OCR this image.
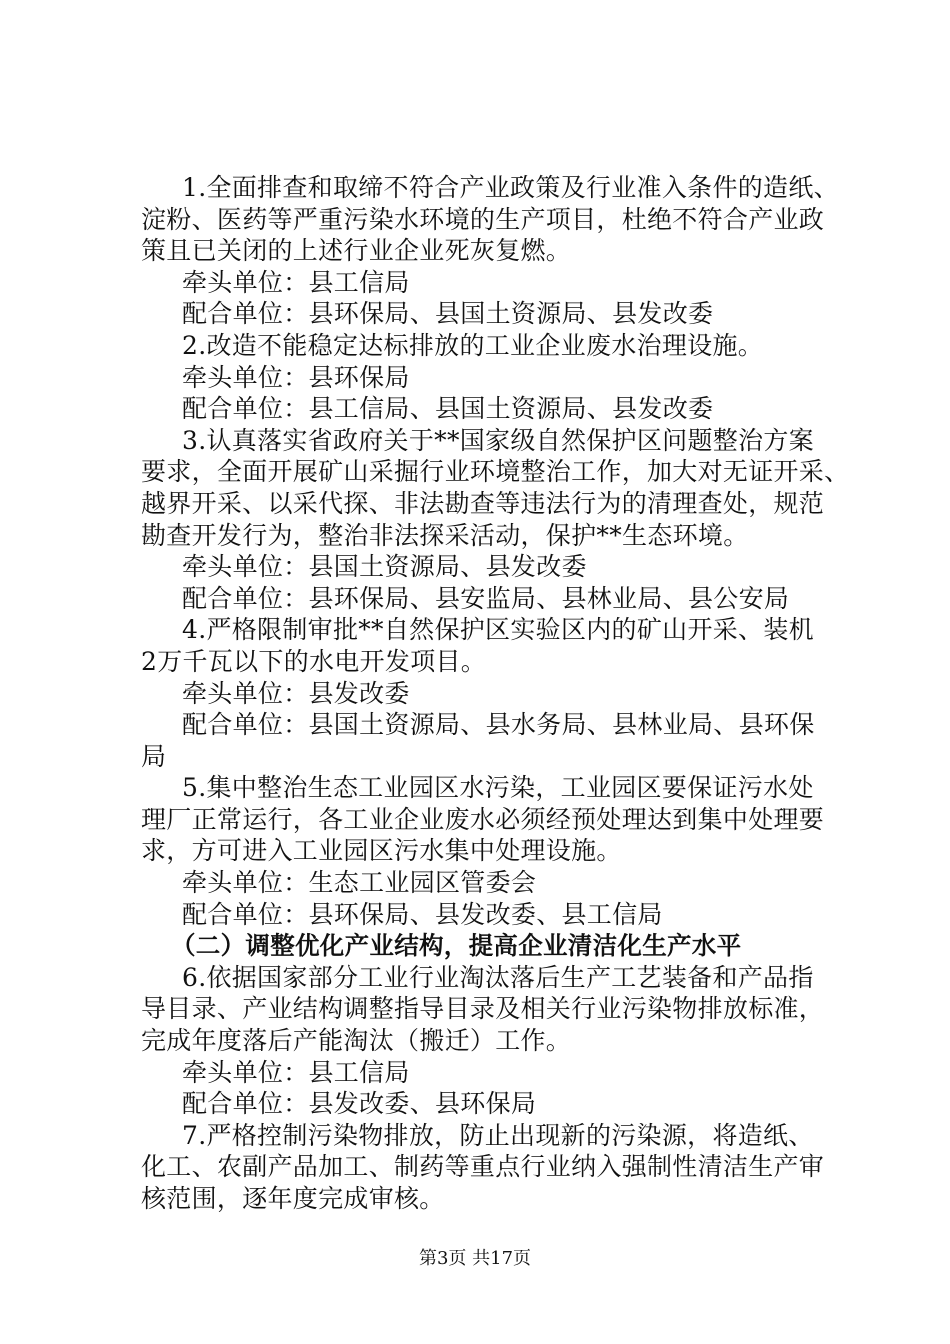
1.全面排查和取缔不符合产业政策及行业准入条件的造纸、
淀粉、医药等严重污染水环境的生产项目，杜绝不符合产业政
策且已关闭的上述行业企业死灰复燃。
牵头单位：县工信局
配合单位：县环保局、县国土资源局、县发改委
2.改造不能稳定达标排放的工业企业废水治理设施。
牵头单位：县环保局
配合单位：县工信局、县国土资源局、县发改委
3.认真落实省政府关于**国家级自然保护区问题整治方案
要求，全面开展矿山采掘行业环境整治工作，加大对无证开采、
越界开采、以采代探、非法勘查等违法行为的清理查处，规范
勘查开发行为，整治非法探采活动，保护**生态环境。
牵头单位：县国土资源局、县发改委
配合单位：县环保局、县安监局、县林业局、县公安局
4.严格限制审批**自然保护区实验区内的矿山开采、装机
2万千瓦以下的水电开发项目。
牵头单位：县发改委
配合单位：县国土资源局、县水务局、县林业局、县环保
局
5.集中整治生态工业园区水污染，工业园区要保证污水处
理厂正常运行，各工业企业废水必须经预处理达到集中处理要
求，方可进入工业园区污水集中处理设施。
牵头单位：生态工业园区管委会
配合单位：县环保局、县发改委、县工信局
（二）调整优化产业结构，提高企业清洁化生产水平
6.依据国家部分工业行业淘汰落后生产工艺装备和产品指
导目录、产业结构调整指导目录及相关行业污染物排放标准，
完成年度落后产能淘汰（搬迁）工作。
牵头单位：县工信局
配合单位：县发改委、县环保局
7.严格控制污染物排放，防止出现新的污染源，将造纸、
化工、农副产品加工、制药等重点行业纳入强制性清洁生产审
核范围，逐年度完成审核。
第3页 共17页
